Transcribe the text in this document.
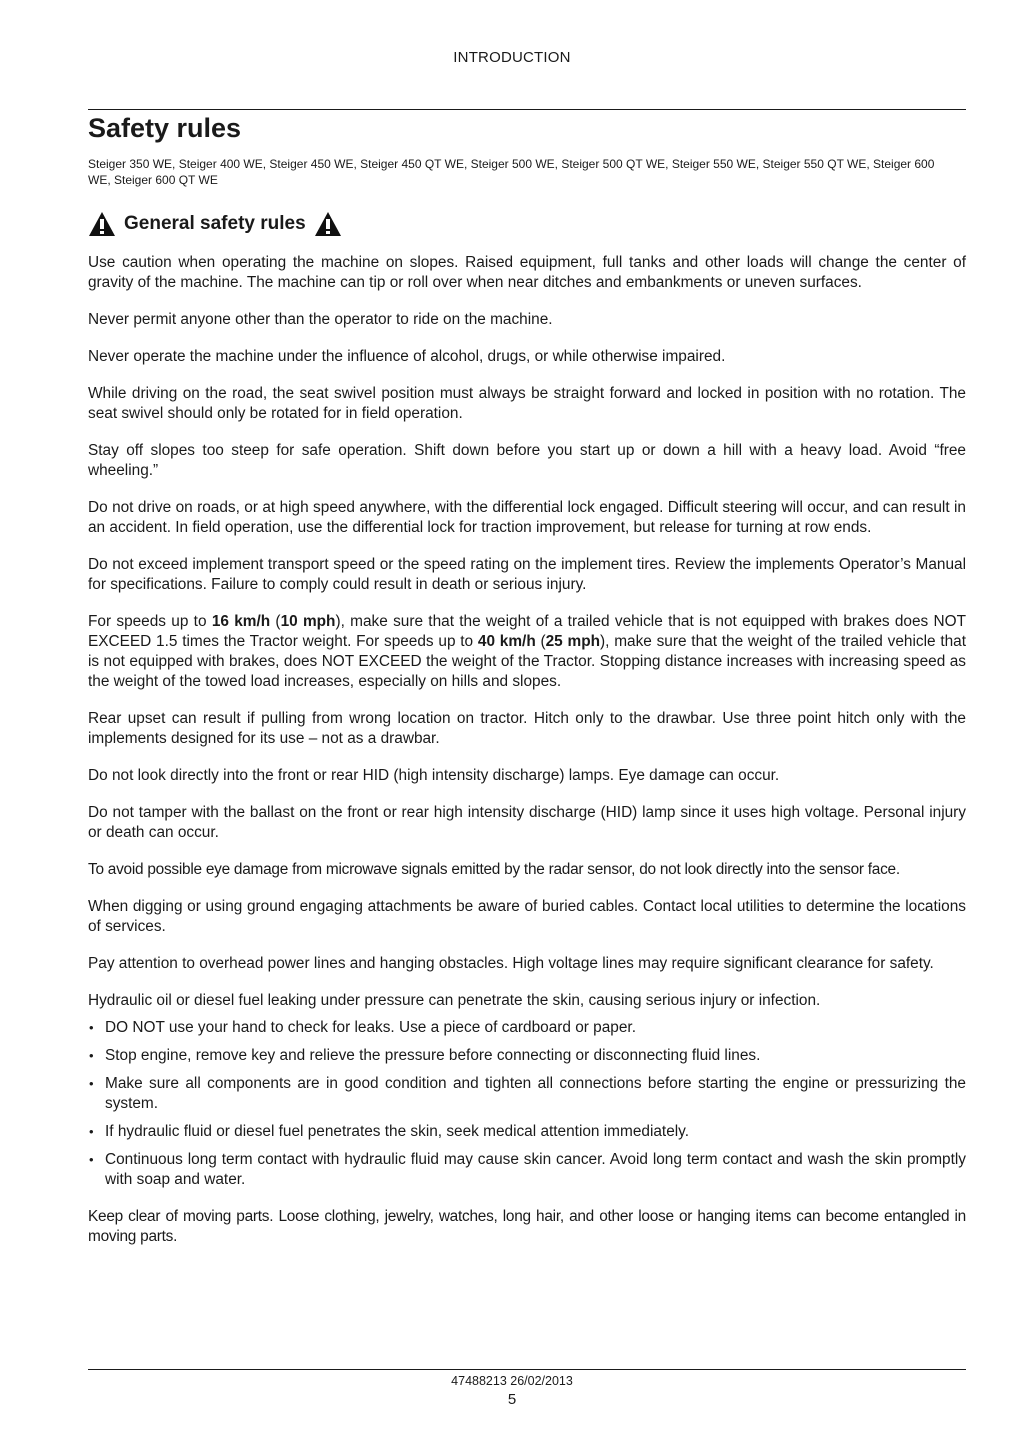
INTRODUCTION
Safety rules
Steiger 350 WE, Steiger 400 WE, Steiger 450 WE, Steiger 450 QT WE, Steiger 500 WE, Steiger 500 QT WE, Steiger 550 WE, Steiger 550 QT WE, Steiger 600 WE, Steiger 600 QT WE
General safety rules

Use caution when operating the machine on slopes. Raised equipment, full tanks and other loads will change the center of gravity of the machine. The machine can tip or roll over when near ditches and embankments or uneven surfaces.

Never permit anyone other than the operator to ride on the machine.

Never operate the machine under the influence of alcohol, drugs, or while otherwise impaired.

While driving on the road, the seat swivel position must always be straight forward and locked in position with no rotation. The seat swivel should only be rotated for in field operation.

Stay off slopes too steep for safe operation. Shift down before you start up or down a hill with a heavy load. Avoid “free wheeling.”

Do not drive on roads, or at high speed anywhere, with the differential lock engaged. Difficult steering will occur, and can result in an accident. In field operation, use the differential lock for traction improvement, but release for turning at row ends.

Do not exceed implement transport speed or the speed rating on the implement tires. Review the implements Operator’s Manual for specifications. Failure to comply could result in death or serious injury.

For speeds up to 16 km/h (10 mph), make sure that the weight of a trailed vehicle that is not equipped with brakes does NOT EXCEED 1.5 times the Tractor weight. For speeds up to 40 km/h (25 mph), make sure that the weight of the trailed vehicle that is not equipped with brakes, does NOT EXCEED the weight of the Tractor. Stopping distance increases with increasing speed as the weight of the towed load increases, especially on hills and slopes.

Rear upset can result if pulling from wrong location on tractor. Hitch only to the drawbar. Use three point hitch only with the implements designed for its use – not as a drawbar.

Do not look directly into the front or rear HID (high intensity discharge) lamps. Eye damage can occur.

Do not tamper with the ballast on the front or rear high intensity discharge (HID) lamp since it uses high voltage. Personal injury or death can occur.

To avoid possible eye damage from microwave signals emitted by the radar sensor, do not look directly into the sensor face.

When digging or using ground engaging attachments be aware of buried cables. Contact local utilities to determine the locations of services.

Pay attention to overhead power lines and hanging obstacles. High voltage lines may require significant clearance for safety.

Hydraulic oil or diesel fuel leaking under pressure can penetrate the skin, causing serious injury or infection.

• DO NOT use your hand to check for leaks. Use a piece of cardboard or paper.
• Stop engine, remove key and relieve the pressure before connecting or disconnecting fluid lines.
• Make sure all components are in good condition and tighten all connections before starting the engine or pressurizing the system.
• If hydraulic fluid or diesel fuel penetrates the skin, seek medical attention immediately.
• Continuous long term contact with hydraulic fluid may cause skin cancer. Avoid long term contact and wash the skin promptly with soap and water.

Keep clear of moving parts. Loose clothing, jewelry, watches, long hair, and other loose or hanging items can become entangled in moving parts.

47488213 26/02/2013
5
